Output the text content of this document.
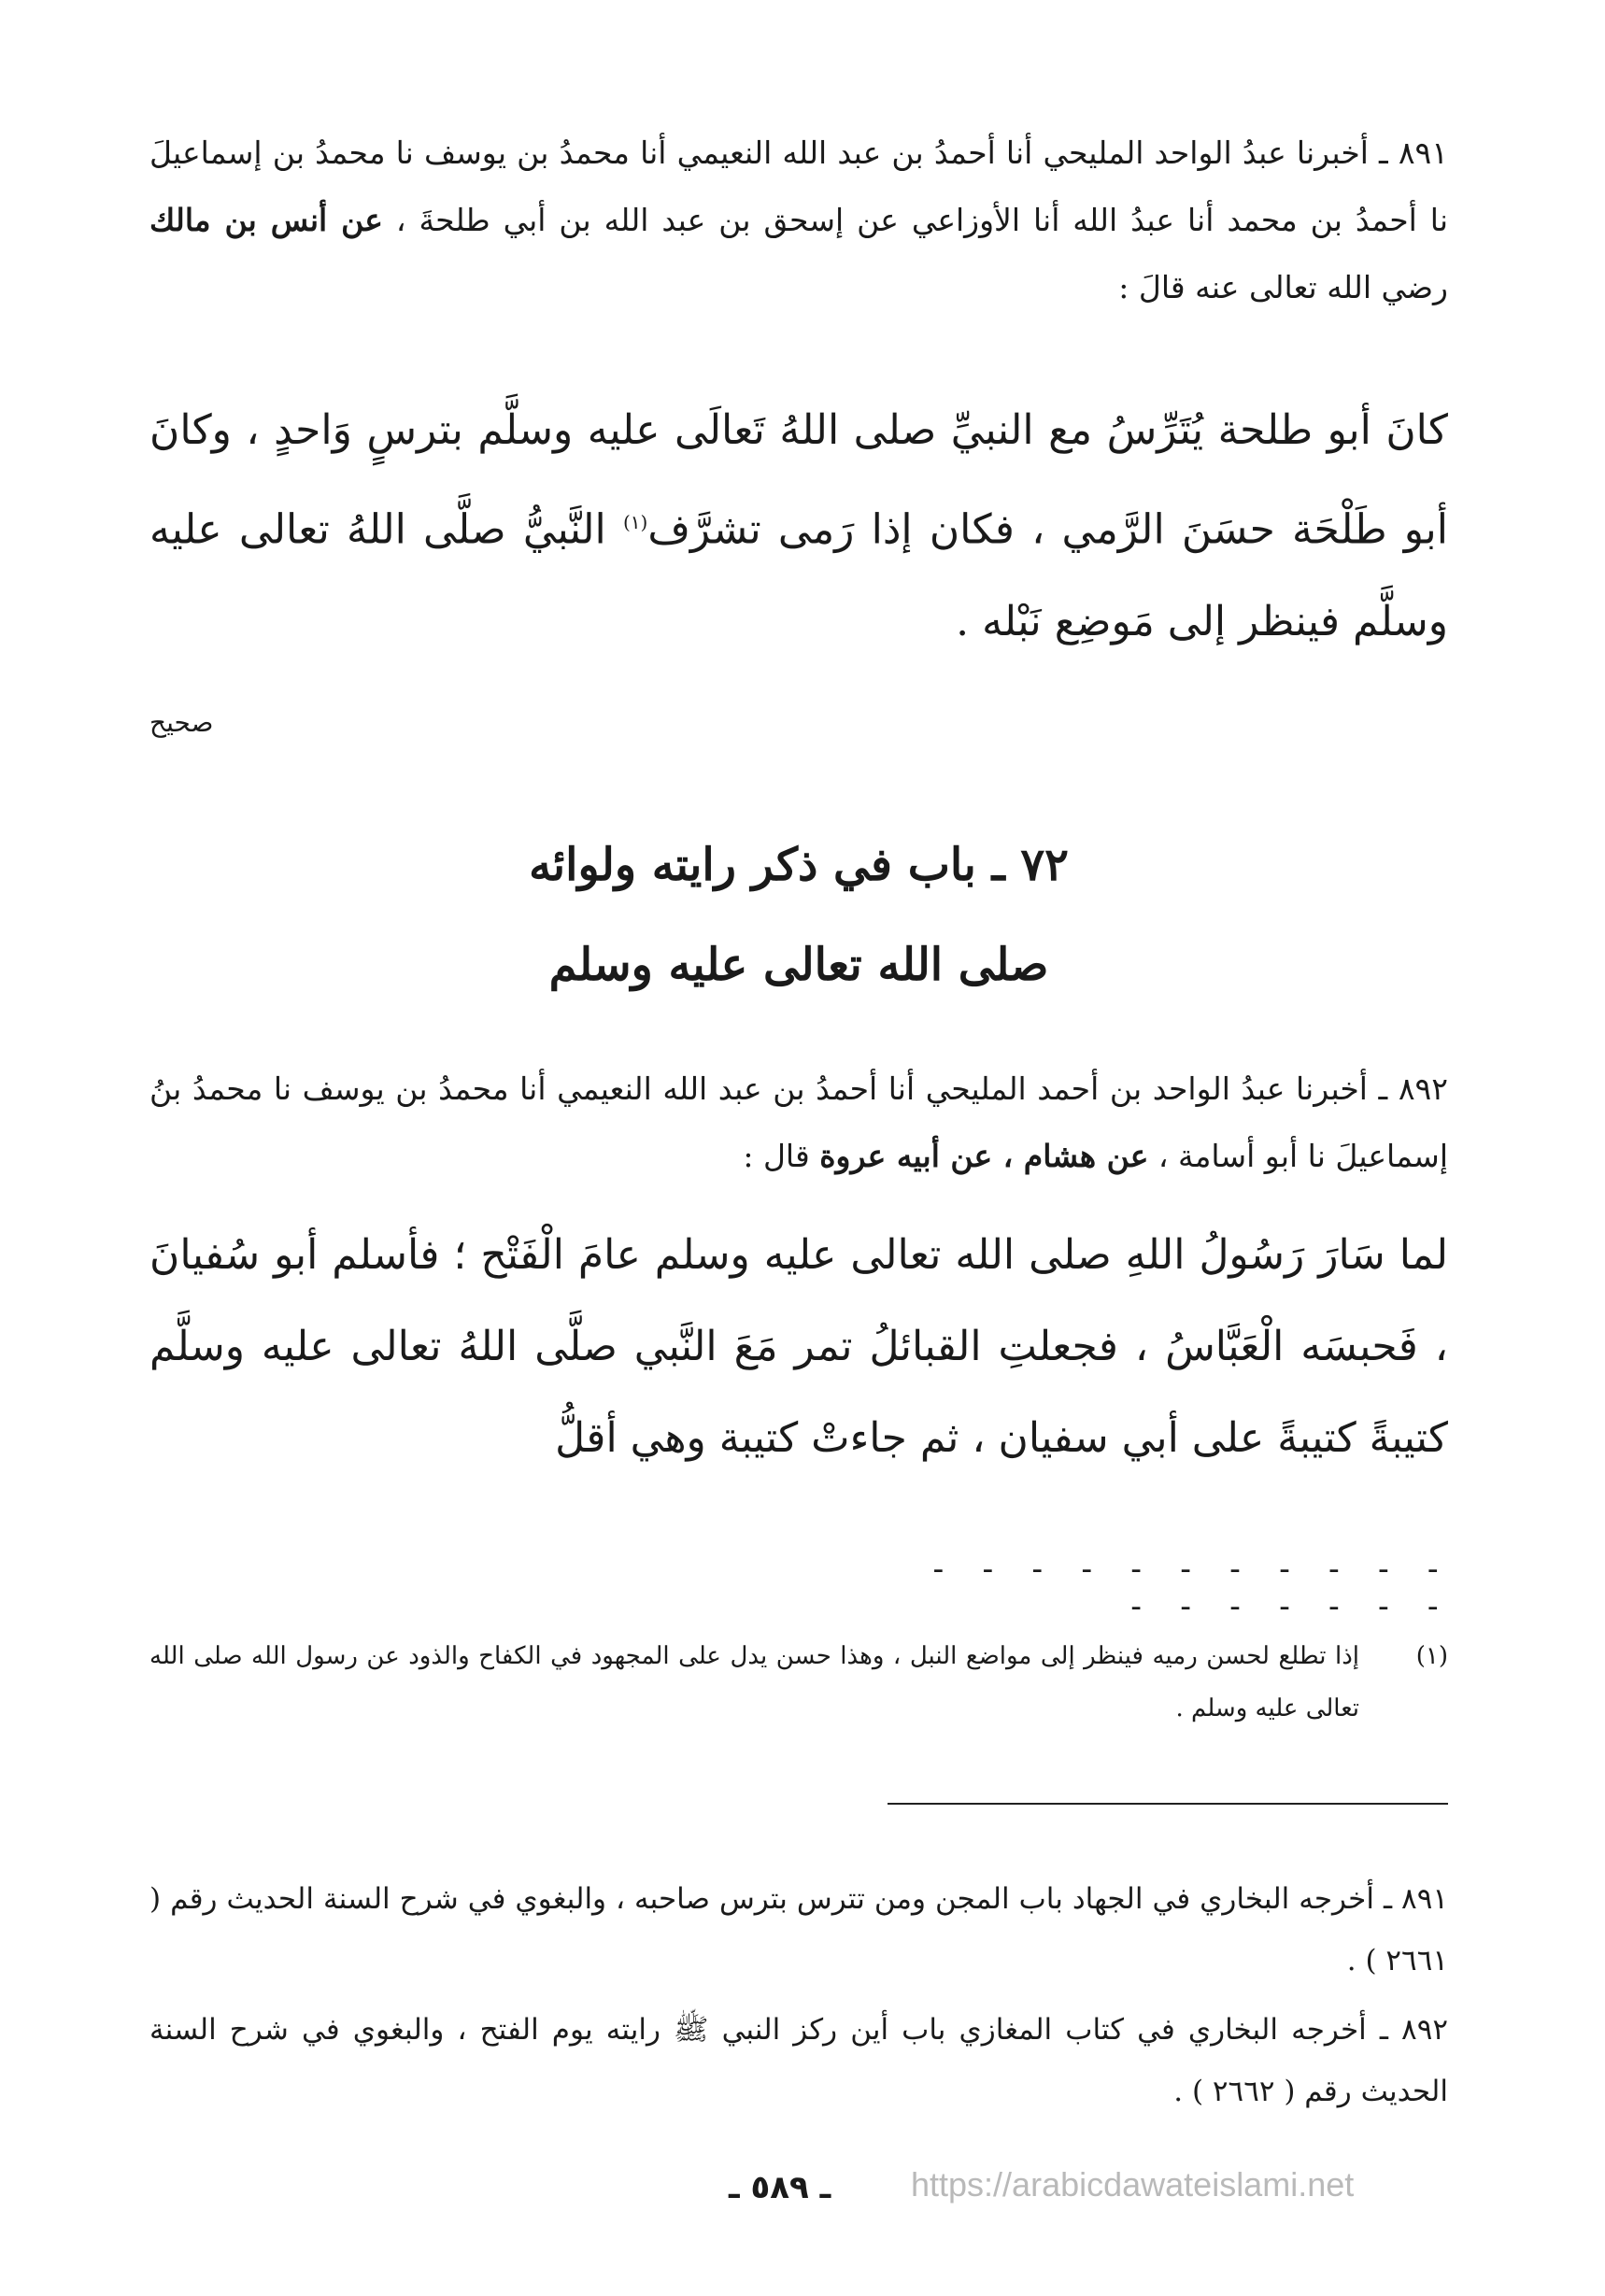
٨٩١ ـ أخبرنا عبدُ الواحد المليحي أنا أحمدُ بن عبد الله النعيمي أنا محمدُ بن يوسف نا محمدُ بن إسماعيلَ نا أحمدُ بن محمد أنا عبدُ الله أنا الأوزاعي عن إسحق بن عبد الله بن أبي طلحةَ ، عن أنس بن مالك رضي الله تعالى عنه قالَ :
كانَ أبو طلحة يُتَرِّسُ مع النبيِّ صلى اللهُ تَعالَى عليه وسلَّم بترسٍ وَاحدٍ ، وكانَ أبو طَلْحَة حسَنَ الرَّمي ، فكان إذا رَمى تشرَّف$^{(١)}$ النَّبيُّ صلَّى اللهُ تعالى عليه وسلَّم فينظر إلى مَوضِع نَبْله .
صحيح
٧٢ ـ باب في ذكر رايته ولوائه
صلى الله تعالى عليه وسلم
٨٩٢ ـ أخبرنا عبدُ الواحد بن أحمد المليحي أنا أحمدُ بن عبد الله النعيمي أنا محمدُ بن يوسف نا محمدُ بنُ إسماعيلَ نا أبو أسامة ، عن هشام ، عن أبيه عروة قال :
لما سَارَ رَسُولُ اللهِ صلى الله تعالى عليه وسلم عامَ الْفَتْح ؛ فأسلم أبو سُفيانَ ، فَحبسَه الْعَبَّاسُ ، فجعلتِ القبائلُ تمر مَعَ النَّبي صلَّى اللهُ تعالى عليه وسلَّم كتيبةً كتيبةً على أبي سفيان ، ثم جاءتْ كتيبة وهي أقلُّ
- - - - - - - - - - - - - - - - - -
(١)
إذا تطلع لحسن رميه فينظر إلى مواضع النبل ، وهذا حسن يدل على المجهود في الكفاح والذود عن رسول الله صلى الله تعالى عليه وسلم .
٨٩١ ـ أخرجه البخاري في الجهاد باب المجن ومن تترس بترس صاحبه ، والبغوي في شرح السنة الحديث رقم ( ٢٦٦١ ) .
٨٩٢ ـ أخرجه البخاري في كتاب المغازي باب أين ركز النبي ﷺ رايته يوم الفتح ، والبغوي في شرح السنة الحديث رقم ( ٢٦٦٢ ) .
ـ ٥٨٩ ـ https://arabicdawateislami.net
